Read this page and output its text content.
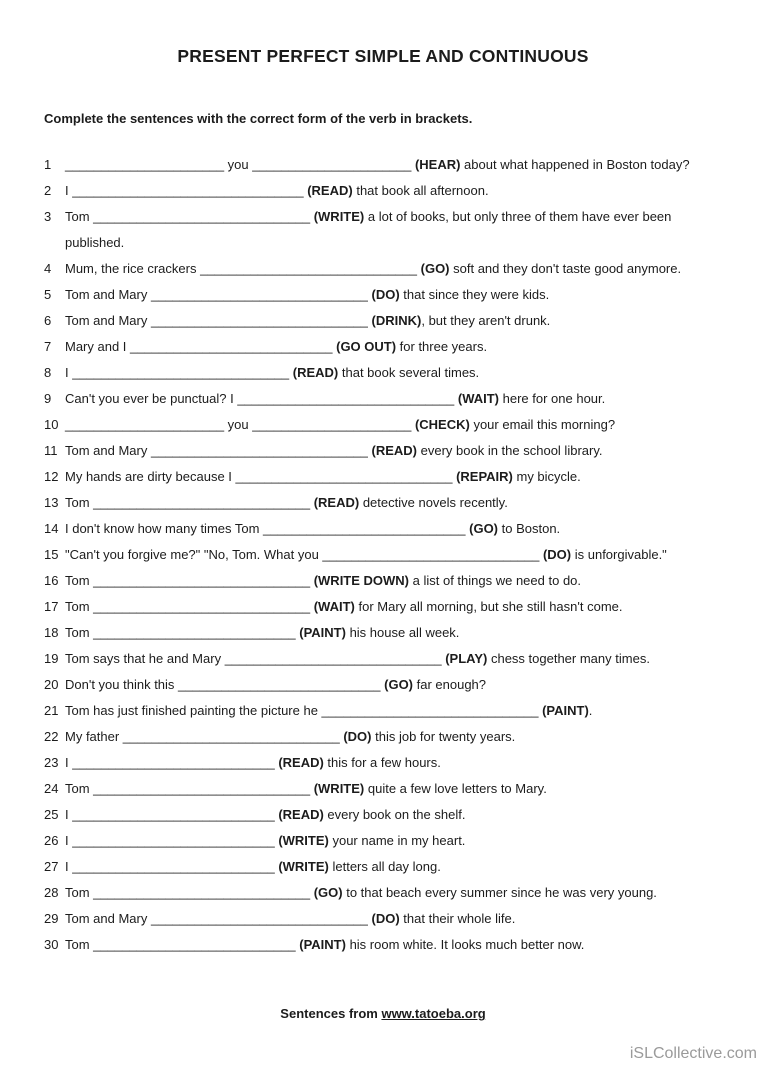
PRESENT PERFECT SIMPLE AND CONTINUOUS
Complete the sentences with the correct form of the verb in brackets.
1	______________________ you ______________________ (HEAR) about what happened in Boston today?
2	I ________________________________ (READ) that book all afternoon.
3	Tom ______________________________ (WRITE) a lot of books, but only three of them have ever been
published.
4	Mum, the rice crackers ______________________________ (GO) soft and they don't taste good anymore.
5	Tom and Mary ______________________________ (DO) that since they were kids.
6	Tom and Mary ______________________________ (DRINK), but they aren't drunk.
7	Mary and I ____________________________ (GO OUT) for three years.
8	I ______________________________ (READ) that book several times.
9	Can't you ever be punctual? I ______________________________ (WAIT) here for one hour.
10 ______________________ you ______________________ (CHECK) your email this morning?
11 Tom and Mary ______________________________ (READ) every book in the school library.
12 My hands are dirty because I ______________________________ (REPAIR) my bicycle.
13 Tom ______________________________ (READ) detective novels recently.
14 I don't know how many times Tom ____________________________ (GO) to Boston.
15 "Can't you forgive me?" "No, Tom. What you ______________________________ (DO) is unforgivable."
16 Tom ______________________________ (WRITE DOWN) a list of things we need to do.
17 Tom ______________________________ (WAIT) for Mary all morning, but she still hasn't come.
18 Tom ____________________________ (PAINT) his house all week.
19 Tom says that he and Mary ______________________________ (PLAY) chess together many times.
20 Don't you think this ____________________________ (GO) far enough?
21 Tom has just finished painting the picture he ______________________________ (PAINT).
22 My father ______________________________ (DO) this job for twenty years.
23 I ____________________________ (READ) this for a few hours.
24 Tom ______________________________ (WRITE) quite a few love letters to Mary.
25 I ____________________________ (READ) every book on the shelf.
26 I ____________________________ (WRITE) your name in my heart.
27 I ____________________________ (WRITE) letters all day long.
28 Tom ______________________________ (GO) to that beach every summer since he was very young.
29 Tom and Mary ______________________________ (DO) that their whole life.
30 Tom ____________________________ (PAINT) his room white. It looks much better now.
Sentences from www.tatoeba.org
iSLCollective.com
